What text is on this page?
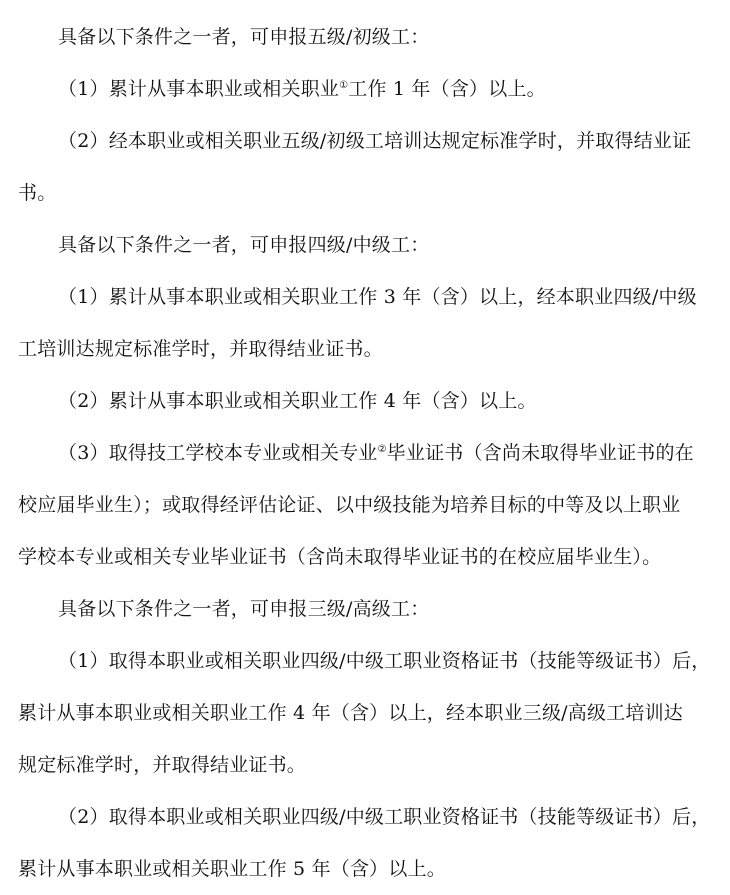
具备以下条件之一者，可申报五级/初级工：

（1）累计从事本职业或相关职业①工作 1 年（含）以上。

（2）经本职业或相关职业五级/初级工培训达规定标准学时，并取得结业证

书。

具备以下条件之一者，可申报四级/中级工：

（1）累计从事本职业或相关职业工作 3 年（含）以上，经本职业四级/中级

工培训达规定标准学时，并取得结业证书。

（2）累计从事本职业或相关职业工作 4 年（含）以上。

（3）取得技工学校本专业或相关专业②毕业证书（含尚未取得毕业证书的在

校应届毕业生）；或取得经评估论证、以中级技能为培养目标的中等及以上职业

学校本专业或相关专业毕业证书（含尚未取得毕业证书的在校应届毕业生）。

具备以下条件之一者，可申报三级/高级工：

（1）取得本职业或相关职业四级/中级工职业资格证书（技能等级证书）后，

累计从事本职业或相关职业工作 4 年（含）以上，经本职业三级/高级工培训达

规定标准学时，并取得结业证书。

（2）取得本职业或相关职业四级/中级工职业资格证书（技能等级证书）后，

累计从事本职业或相关职业工作 5 年（含）以上。
